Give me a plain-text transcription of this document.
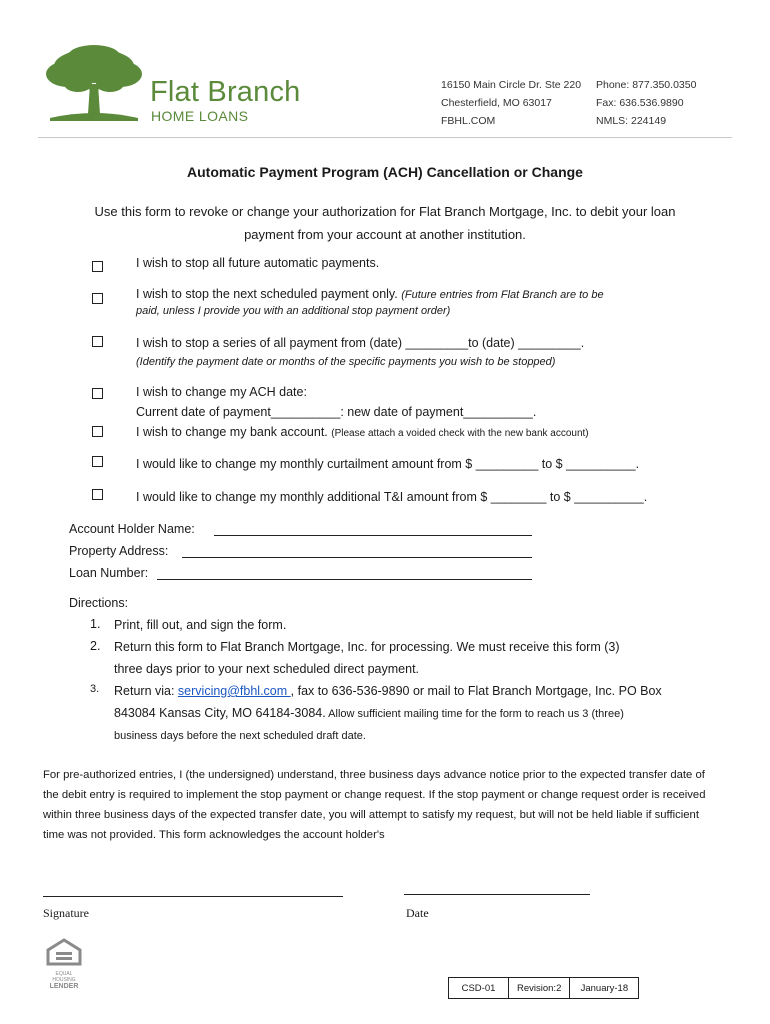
Flat Branch
HOME LOANS
16150 Main Circle Dr. Ste 220
Chesterfield, MO 63017
FBHL.COM
Phone: 877.350.0350
Fax: 636.536.9890
NMLS: 224149
Automatic Payment Program (ACH) Cancellation or Change
Use this form to revoke or change your authorization for Flat Branch Mortgage, Inc. to debit your loan payment from your account at another institution.
I wish to stop all future automatic payments.
I wish to stop the next scheduled payment only. (Future entries from Flat Branch are to be
paid, unless I provide you with an additional stop payment order)
I wish to stop a series of all payment from (date) _________to (date) _________.
(Identify the payment date or months of the specific payments you wish to be stopped)
I wish to change my ACH date:
Current date of payment__________: new date of payment__________.
I wish to change my bank account. (Please attach a voided check with the new bank account)
I would like to change my monthly curtailment amount from $ _________ to $ __________.
I would like to change my monthly additional T&I amount from $ ________ to $ __________.
Account Holder Name:
Property Address:
Loan Number:
Directions:
1. Print, fill out, and sign the form.
2. Return this form to Flat Branch Mortgage, Inc. for processing. We must receive this form (3)
three days prior to your next scheduled direct payment.
3. Return via: servicing@fbhl.com , fax to 636-536-9890 or mail to Flat Branch Mortgage, Inc. PO Box
843084 Kansas City, MO 64184-3084. Allow sufficient mailing time for the form to reach us 3 (three)
business days before the next scheduled draft date.
For pre-authorized entries, I (the undersigned) understand, three business days advance notice prior to the expected transfer date of the debit entry is required to implement the stop payment or change request. If the stop payment or change request order is received within three business days of the expected transfer date, you will attempt to satisfy my request, but will not be held liable if sufficient time was not provided. This form acknowledges the account holder's
Signature	Date
EQUAL HOUSING
LENDER	CSD-01	Revision:2	January-18
